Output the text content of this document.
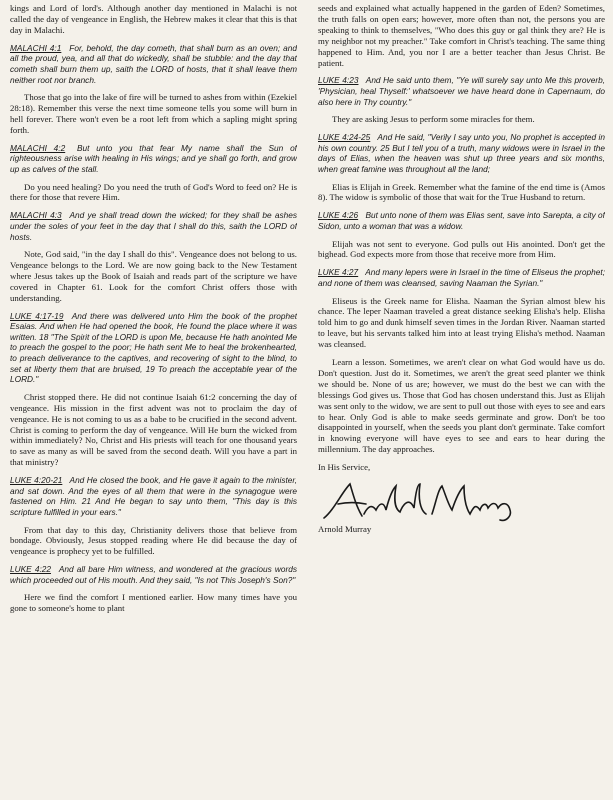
kings and Lord of lord's. Although another day mentioned in Malachi is not called the day of vengeance in English, the Hebrew makes it clear that this is that day in Malachi.

MALACHI 4:1 For, behold, the day cometh, that shall burn as an oven; and all the proud, yea, and all that do wickedly, shall be stubble: and the day that cometh shall burn them up, saith the LORD of hosts, that it shall leave them neither root nor branch.

Those that go into the lake of fire will be turned to ashes from within (Ezekiel 28:18). Remember this verse the next time someone tells you some will burn in hell forever. There won't even be a root left from which a sapling might spring forth.

MALACHI 4:2 But unto you that fear My name shall the Sun of righteousness arise with healing in His wings; and ye shall go forth, and grow up as calves of the stall.

Do you need healing? Do you need the truth of God's Word to feed on? He is there for those that revere Him.

MALACHI 4:3 And ye shall tread down the wicked; for they shall be ashes under the soles of your feet in the day that I shall do this, saith the LORD of hosts.

Note, God said, "in the day I shall do this". Vengeance does not belong to us. Vengeance belongs to the Lord. We are now going back to the New Testament where Jesus takes up the Book of Isaiah and reads part of the scripture we have covered in Chapter 61. Look for the comfort Christ offers those with understanding.

LUKE 4:17-19 And there was delivered unto Him the book of the prophet Esaias. And when He had opened the book, He found the place where it was written. 18 "The Spirit of the LORD is upon Me, because He hath anointed Me to preach the gospel to the poor; He hath sent Me to heal the brokenhearted, to preach deliverance to the captives, and recovering of sight to the blind, to set at liberty them that are bruised, 19 To preach the acceptable year of the LORD."

Christ stopped there. He did not continue Isaiah 61:2 concerning the day of vengeance. His mission in the first advent was not to proclaim the day of vengeance. He is not coming to us as a babe to be crucified in the second advent. Christ is coming to perform the day of vengeance. Will He burn the wicked from within immediately? No, Christ and His priests will teach for one thousand years to save as many as will be saved from the second death. Will you have a part in that ministry?

LUKE 4:20-21 And He closed the book, and He gave it again to the minister, and sat down. And the eyes of all them that were in the synagogue were fastened on Him. 21 And He began to say unto them, "This day is this scripture fulfilled in your ears."

From that day to this day, Christianity delivers those that believe from bondage. Obviously, Jesus stopped reading where He did because the day of vengeance is prophecy yet to be fulfilled.

LUKE 4:22 And all bare Him witness, and wondered at the gracious words which proceeded out of His mouth. And they said, "Is not This Joseph's Son?"

Here we find the comfort I mentioned earlier. How many times have you gone to someone's home to plant

seeds and explained what actually happened in the garden of Eden? Sometimes, the truth falls on open ears; however, more often than not, the persons you are speaking to think to themselves, "Who does this guy or gal think they are? He is my neighbor not my preacher." Take comfort in Christ's teaching. The same thing happened to Him. And, you nor I are a better teacher than Jesus Christ. Be patient.

LUKE 4:23 And He said unto them, "Ye will surely say unto Me this proverb, 'Physician, heal Thyself:' whatsoever we have heard done in Capernaum, do also here in Thy country."

They are asking Jesus to perform some miracles for them.

LUKE 4:24-25 And He said, "Verily I say unto you, No prophet is accepted in his own country. 25 But I tell you of a truth, many widows were in Israel in the days of Elias, when the heaven was shut up three years and six months, when great famine was throughout all the land;

Elias is Elijah in Greek. Remember what the famine of the end time is (Amos 8). The widow is symbolic of those that wait for the True Husband to return.

LUKE 4:26 But unto none of them was Elias sent, save into Sarepta, a city of Sidon, unto a woman that was a widow.

Elijah was not sent to everyone. God pulls out His anointed. Don't get the bighead. God expects more from those that receive more from Him.

LUKE 4:27 And many lepers were in Israel in the time of Eliseus the prophet; and none of them was cleansed, saving Naaman the Syrian."

Eliseus is the Greek name for Elisha. Naaman the Syrian almost blew his chance. The leper Naaman traveled a great distance seeking Elisha's help. Elisha told him to go and dunk himself seven times in the Jordan River. Naaman started to leave, but his servants talked him into at least trying Elisha's method. Naaman was cleansed.

Learn a lesson. Sometimes, we aren't clear on what God would have us do. Don't question. Just do it. Sometimes, we aren't the great seed planter we think we should be. None of us are; however, we must do the best we can with the blessings God gives us. Those that God has chosen understand this. Just as Elijah was sent only to the widow, we are sent to pull out those with eyes to see and ears to hear. Only God is able to make seeds germinate and grow. Don't be too disappointed in yourself, when the seeds you plant don't germinate. Take comfort in knowing everyone will have eyes to see and ears to hear during the millennium. The day approaches.

In His Service,

Arnold Murray
